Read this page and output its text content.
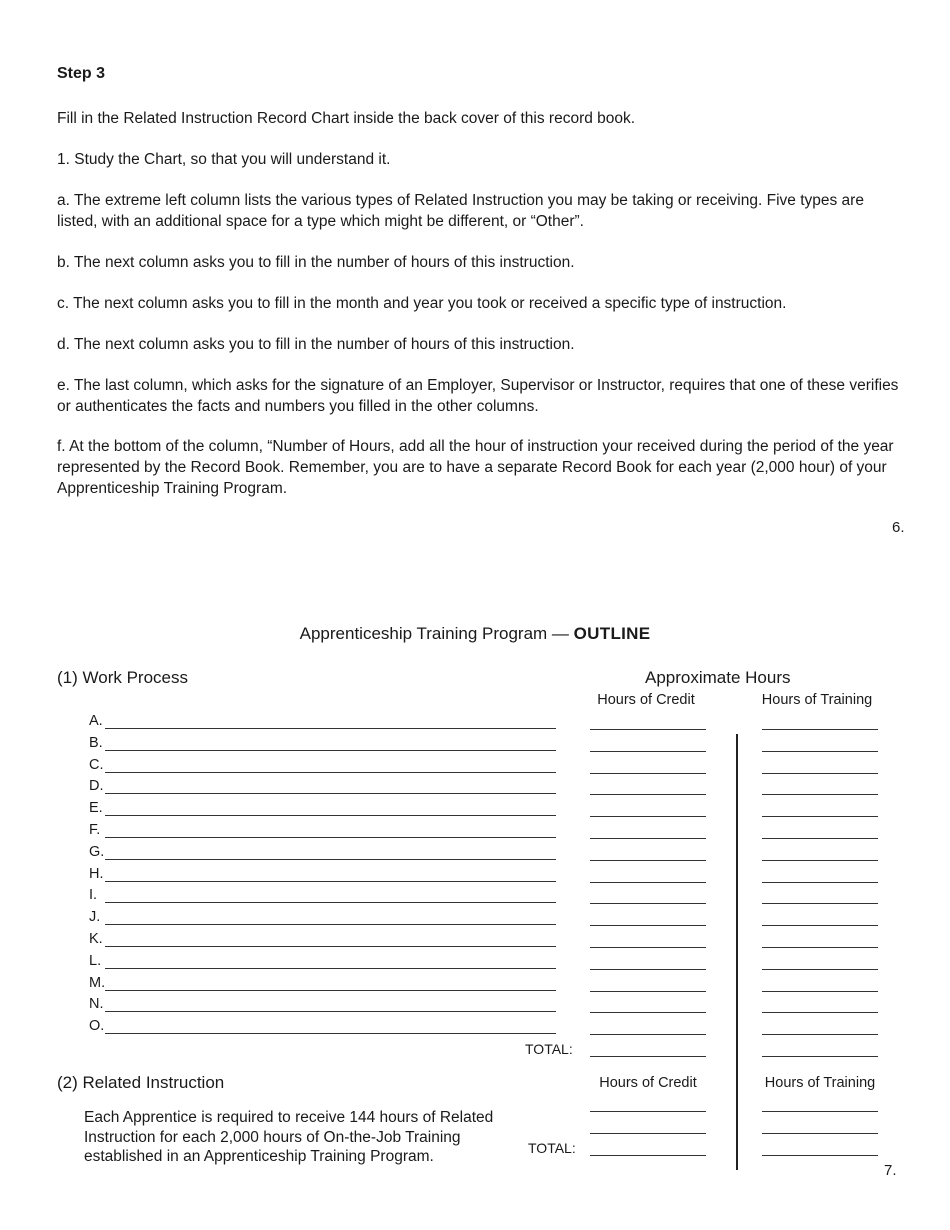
Step 3
Fill in the Related Instruction Record Chart inside the back cover of this record book.
1. Study the Chart, so that you will understand it.
a. The extreme left column lists the various types of Related Instruction you may be taking or receiving. Five types are listed, with an additional space for a type which might be different, or “Other”.
b. The next column asks you to fill in the number of hours of this instruction.
c. The next column asks you to fill in the month and year you took or received a specific type of instruction.
d. The next column asks you to fill in the number of hours of this instruction.
e. The last column, which asks for the signature of an Employer, Supervisor or Instructor, requires that one of these verifies or authenticates the facts and numbers you filled in the other columns.
f. At the bottom of the column, “Number of Hours, add all the hour of instruction your received during the period of the year represented by the Record Book. Remember, you are to have a separate Record Book for each year (2,000 hour) of your Apprenticeship Training Program.
6.
Apprenticeship Training Program — OUTLINE
(1) Work Process	Approximate Hours
Hours of Credit	Hours of Training
A.
B.
C.
D.
E.
F.
G.
H.
I.
J.
K.
L.
M.
N.
O.
TOTAL:
(2) Related Instruction	Hours of Credit	Hours of Training
Each Apprentice is required to receive 144 hours of Related Instruction for each 2,000 hours of On-the-Job Training established in an Apprenticeship Training Program.	TOTAL:
7.
